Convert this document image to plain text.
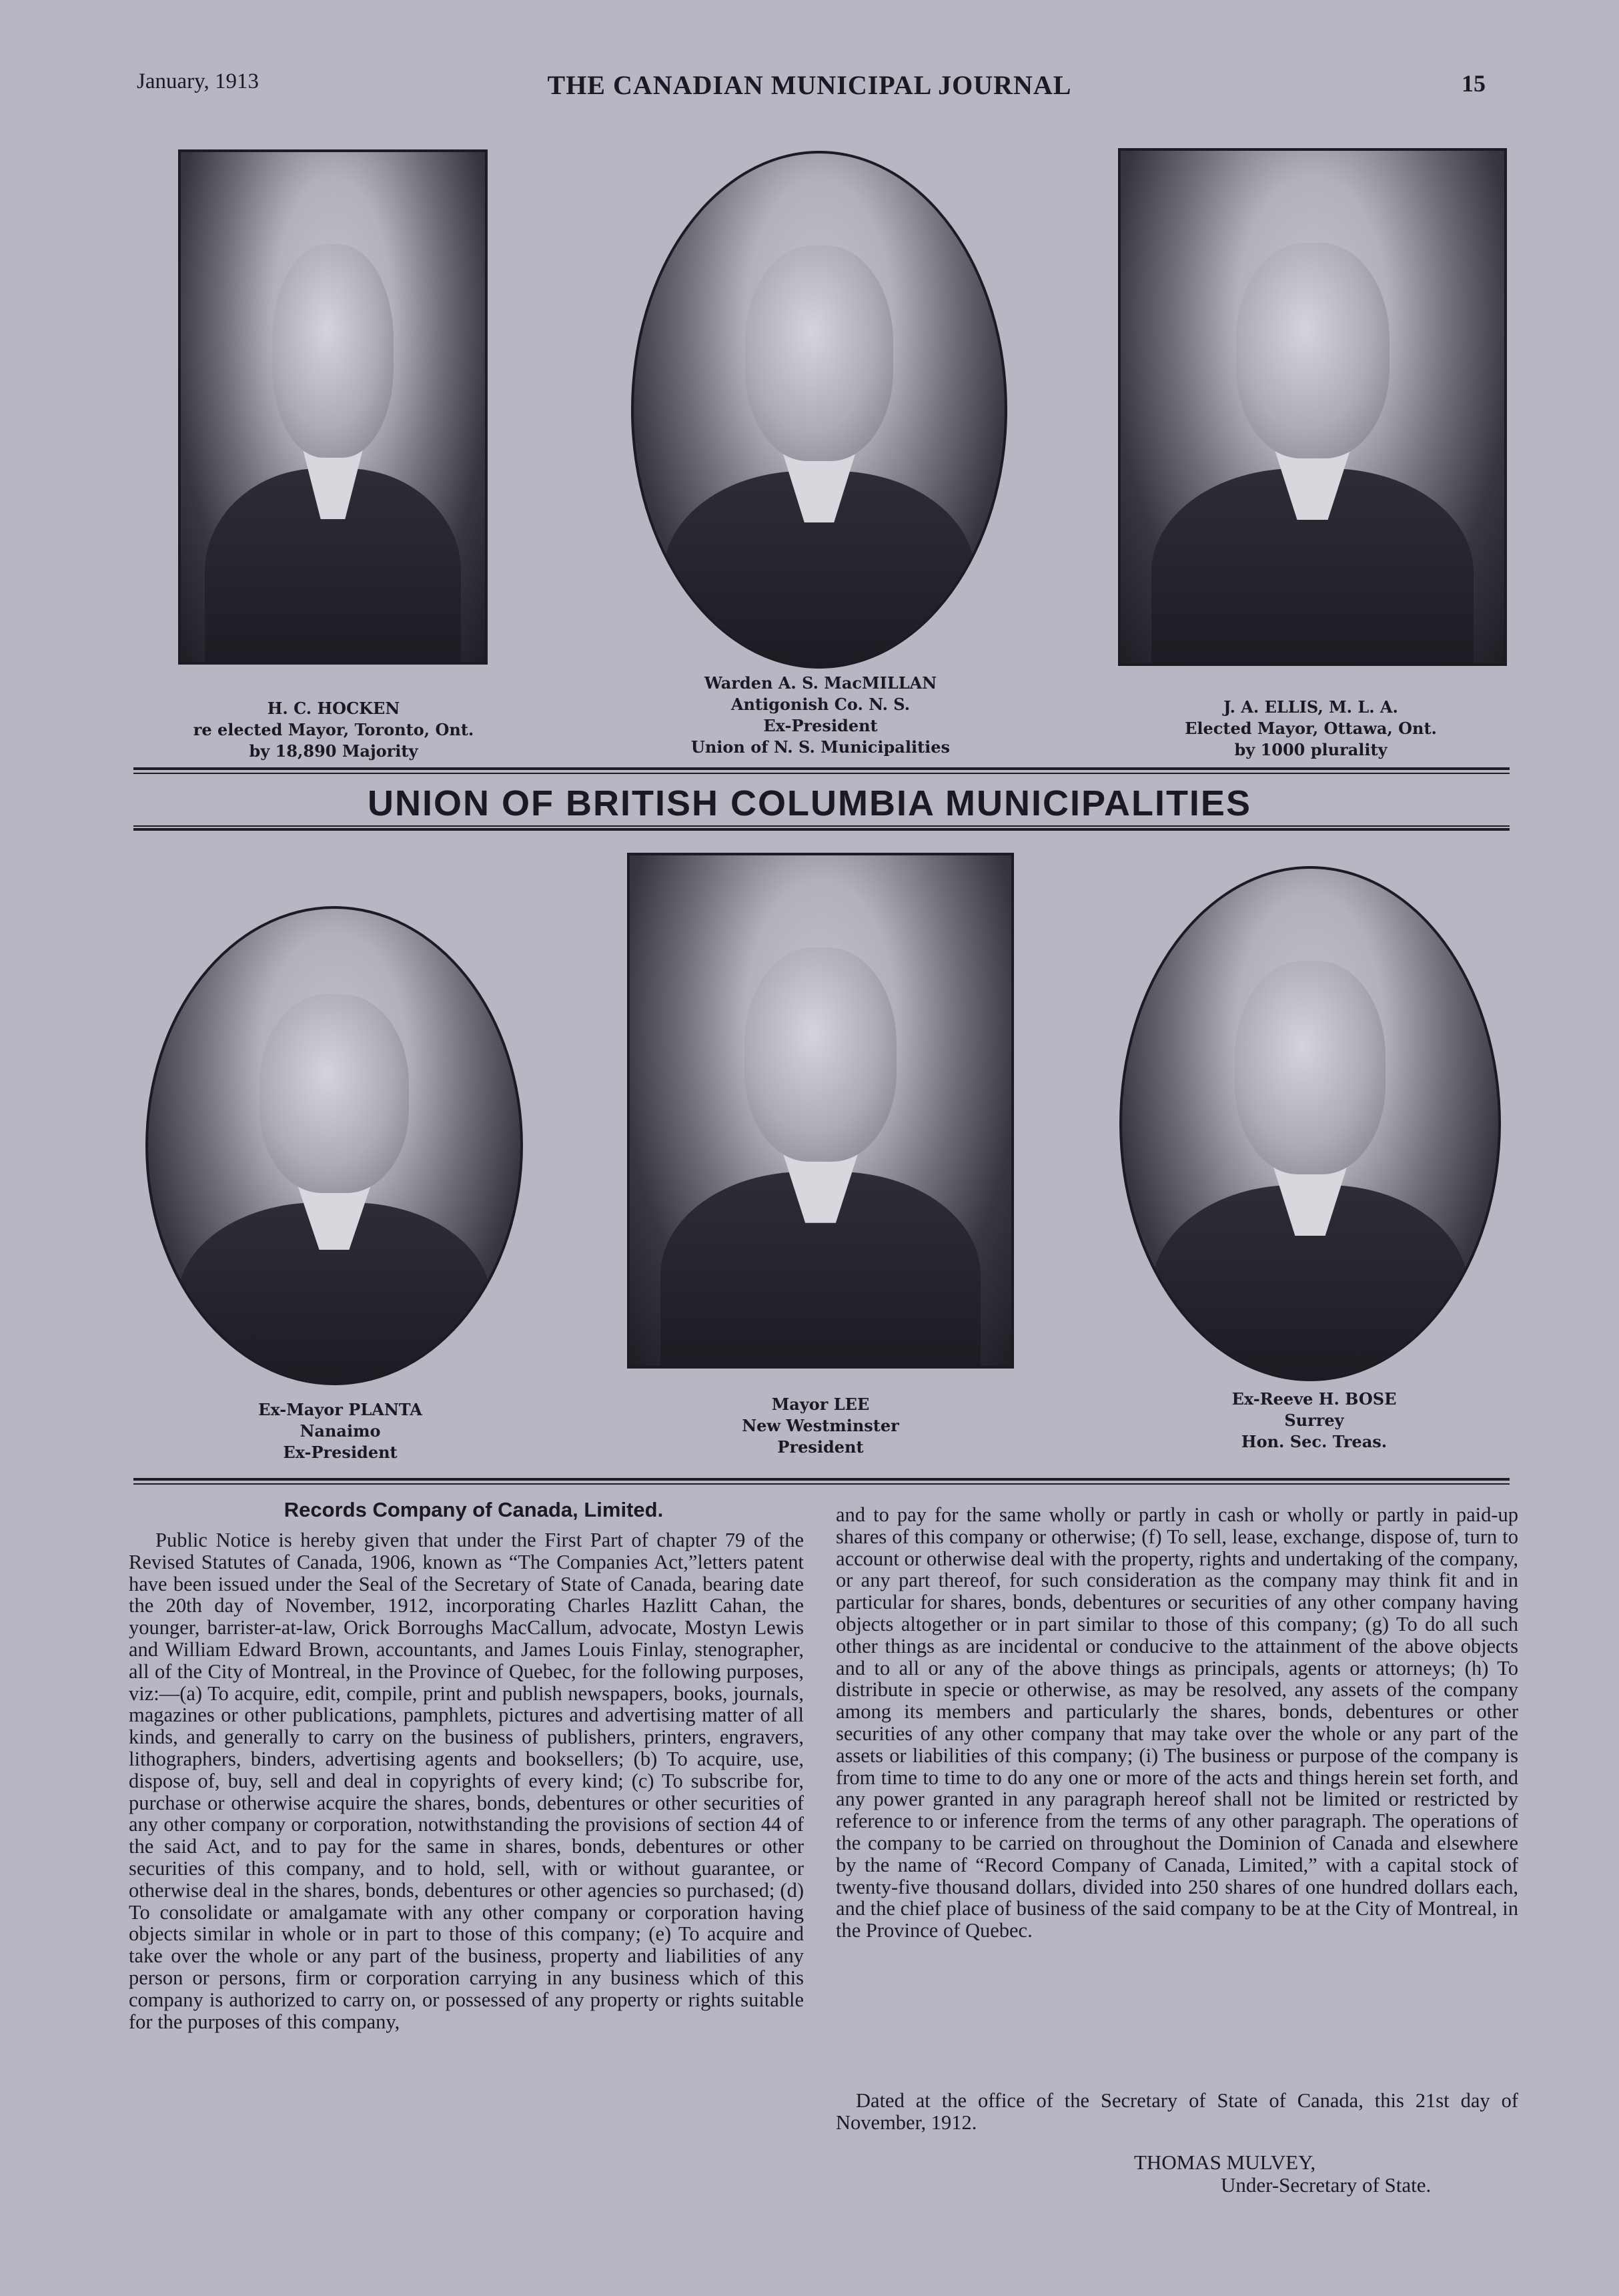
January, 1913	THE CANADIAN MUNICIPAL JOURNAL	15
H. C. HOCKEN
re elected Mayor, Toronto, Ont.
by 18,890 Majority
Warden A. S. MacMILLAN
Antigonish Co. N. S.
Ex-President
Union of N. S. Municipalities
J. A. ELLIS, M. L. A.
Elected Mayor, Ottawa, Ont.
by 1000 plurality
UNION OF BRITISH COLUMBIA MUNICIPALITIES
Ex-Mayor PLANTA
Nanaimo
Ex-President
Mayor LEE
New Westminster
President
Ex-Reeve H. BOSE
Surrey
Hon. Sec. Treas.
Records Company of Canada, Limited.
Public Notice is hereby given that under the First Part of chapter 79 of the Revised Statutes of Canada, 1906, known as “The Companies Act,”letters patent have been issued under the Seal of the Secretary of State of Canada, bearing date the 20th day of November, 1912, incorporating Charles Hazlitt Cahan, the younger, barrister-at-law, Orick Borroughs MacCallum, advocate, Mostyn Lewis and William Edward Brown, accountants, and James Louis Finlay, stenographer, all of the City of Montreal, in the Province of Quebec, for the following purposes, viz:—(a) To acquire, edit, compile, print and publish newspapers, books, journals, magazines or other publications, pamphlets, pictures and advertising matter of all kinds, and generally to carry on the business of publishers, printers, engravers, lithographers, binders, advertising agents and booksellers; (b) To acquire, use, dispose of, buy, sell and deal in copyrights of every kind; (c) To subscribe for, purchase or otherwise acquire the shares, bonds, debentures or other securities of any other company or corporation, notwithstanding the provisions of section 44 of the said Act, and to pay for the same in shares, bonds, debentures or other securities of this company, and to hold, sell, with or without guarantee, or otherwise deal in the shares, bonds, debentures or other agencies so purchased; (d) To consolidate or amalgamate with any other company or corporation having objects similar in whole or in part to those of this company; (e) To acquire and take over the whole or any part of the business, property and liabilities of any person or persons, firm or corporation carrying in any business which of this company is authorized to carry on, or possessed of any property or rights suitable for the purposes of this company,
and to pay for the same wholly or partly in cash or wholly or partly in paid-up shares of this company or otherwise; (f) To sell, lease, exchange, dispose of, turn to account or otherwise deal with the property, rights and undertaking of the company, or any part thereof, for such consideration as the company may think fit and in particular for shares, bonds, debentures or securities of any other company having objects altogether or in part similar to those of this company; (g) To do all such other things as are incidental or conducive to the attainment of the above objects and to all or any of the above things as principals, agents or attorneys; (h) To distribute in specie or otherwise, as may be resolved, any assets of the company among its members and particularly the shares, bonds, debentures or other securities of any other company that may take over the whole or any part of the assets or liabilities of this company; (i) The business or purpose of the company is from time to time to do any one or more of the acts and things herein set forth, and any power granted in any paragraph hereof shall not be limited or restricted by reference to or inference from the terms of any other paragraph. The operations of the company to be carried on throughout the Dominion of Canada and elsewhere by the name of “Record Company of Canada, Limited,” with a capital stock of twenty-five thousand dollars, divided into 250 shares of one hundred dollars each, and the chief place of business of the said company to be at the City of Montreal, in the Province of Quebec.
Dated at the office of the Secretary of State of Canada, this 21st day of November, 1912.
THOMAS MULVEY,
Under-Secretary of State.
